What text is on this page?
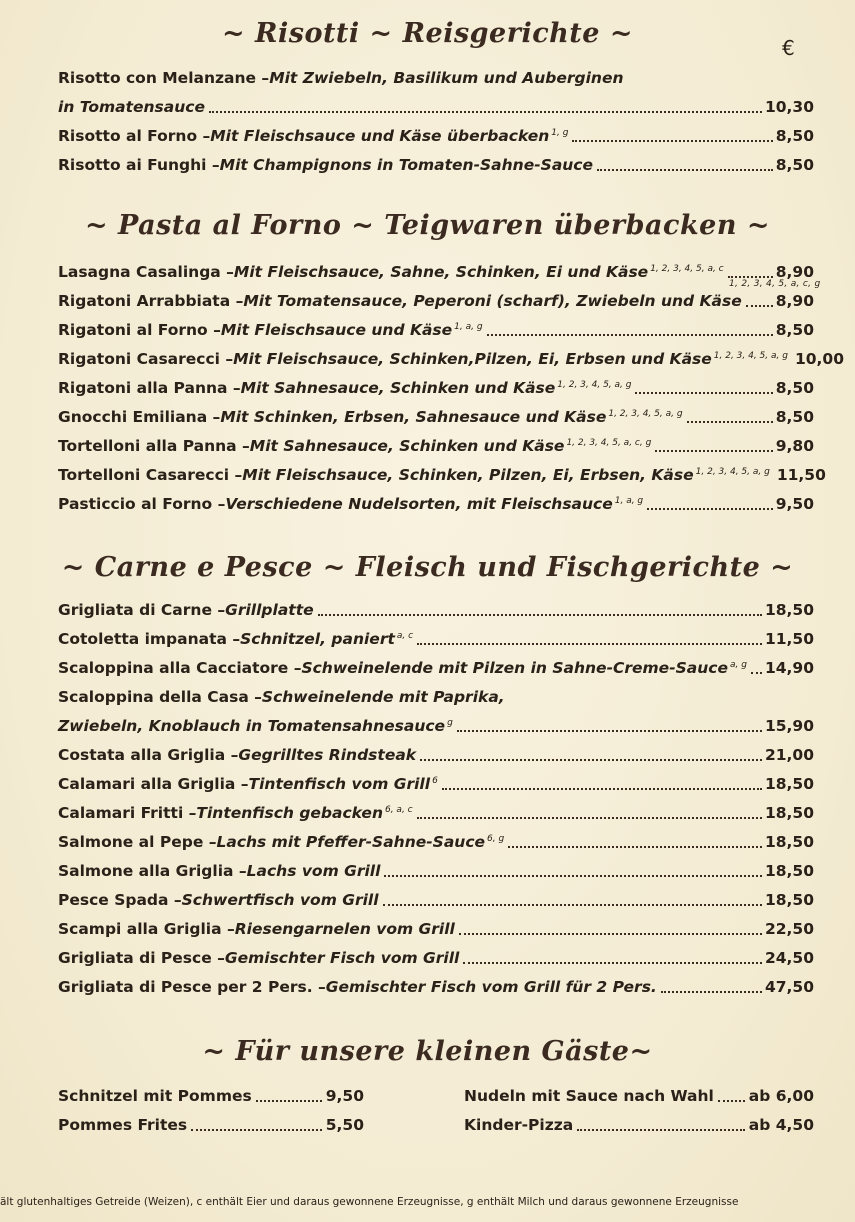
~ Risotti ~ Reisgerichte ~	€
Risotto con Melanzane – Mit Zwiebeln, Basilikum und Auberginen
in Tomatensauce	10,30
Risotto al Forno – Mit Fleischsauce und Käse überbacken$^{1, g}$	8,50
Risotto ai Funghi – Mit Champignons in Tomaten-Sahne-Sauce	8,50
~ Pasta al Forno ~ Teigwaren überbacken ~
Lasagna Casalinga – Mit Fleischsauce, Sahne, Schinken, Ei und Käse$^{1, 2, 3, 4, 5, a, c}$	8,90
1, 2, 3, 4, 5, a, c, g
Rigatoni Arrabbiata – Mit Tomatensauce, Peperoni (scharf), Zwiebeln und Käse 8,90
Rigatoni al Forno – Mit Fleischsauce und Käse$^{1, a, g}$	8,50
Rigatoni Casarecci – Mit Fleischsauce, Schinken,Pilzen, Ei, Erbsen und Käse$^{1, 2, 3, 4, 5, a, g}$ 10,00
Rigatoni alla Panna – Mit Sahnesauce, Schinken und Käse$^{1, 2, 3, 4, 5, a, g}$	8,50
Gnocchi Emiliana – Mit Schinken, Erbsen, Sahnesauce und Käse$^{1, 2, 3, 4, 5, a, g}$	8,50
Tortelloni alla Panna – Mit Sahnesauce, Schinken und Käse$^{1, 2, 3, 4, 5, a, c, g}$	9,80
Tortelloni Casarecci – Mit Fleischsauce, Schinken, Pilzen, Ei, Erbsen, Käse$^{1, 2, 3, 4, 5, a, g}$ 11,50
Pasticcio al Forno – Verschiedene Nudelsorten, mit Fleischsauce$^{1, a, g}$	9,50
~ Carne e Pesce ~ Fleisch und Fischgerichte ~
Grigliata di Carne – Grillplatte	18,50
Cotoletta impanata – Schnitzel, paniert$^{a, c}$	11,50
Scaloppina alla Cacciatore – Schweinelende mit Pilzen in Sahne-Creme-Sauce$^{a, g}$ 14,90
Scaloppina della Casa – Schweinelende mit Paprika,
Zwiebeln, Knoblauch in Tomatensahnesauce$^g$	15,90
Costata alla Griglia – Gegrilltes Rindsteak	21,00
Calamari alla Griglia – Tintenfisch vom Grill$^6$	18,50
Calamari Fritti – Tintenfisch gebacken$^{6, a, c}$	18,50
Salmone al Pepe – Lachs mit Pfeffer-Sahne-Sauce$^{6, g}$	18,50
Salmone alla Griglia – Lachs vom Grill	18,50
Pesce Spada – Schwertfisch vom Grill	18,50
Scampi alla Griglia – Riesengarnelen vom Grill	22,50
Grigliata di Pesce – Gemischter Fisch vom Grill	24,50
Grigliata di Pesce per 2 Pers. – Gemischter Fisch vom Grill für 2 Pers.	47,50
~ Für unsere kleinen Gäste~
Schnitzel mit Pommes	9,50
Pommes Frites	5,50
Nudeln mit Sauce nach Wahl ab 6,00
Kinder-Pizza	ab 4,50
ält glutenhaltiges Getreide (Weizen), c enthält Eier und daraus gewonnene Erzeugnisse, g enthält Milch und daraus gewonnene Erzeugnisse
